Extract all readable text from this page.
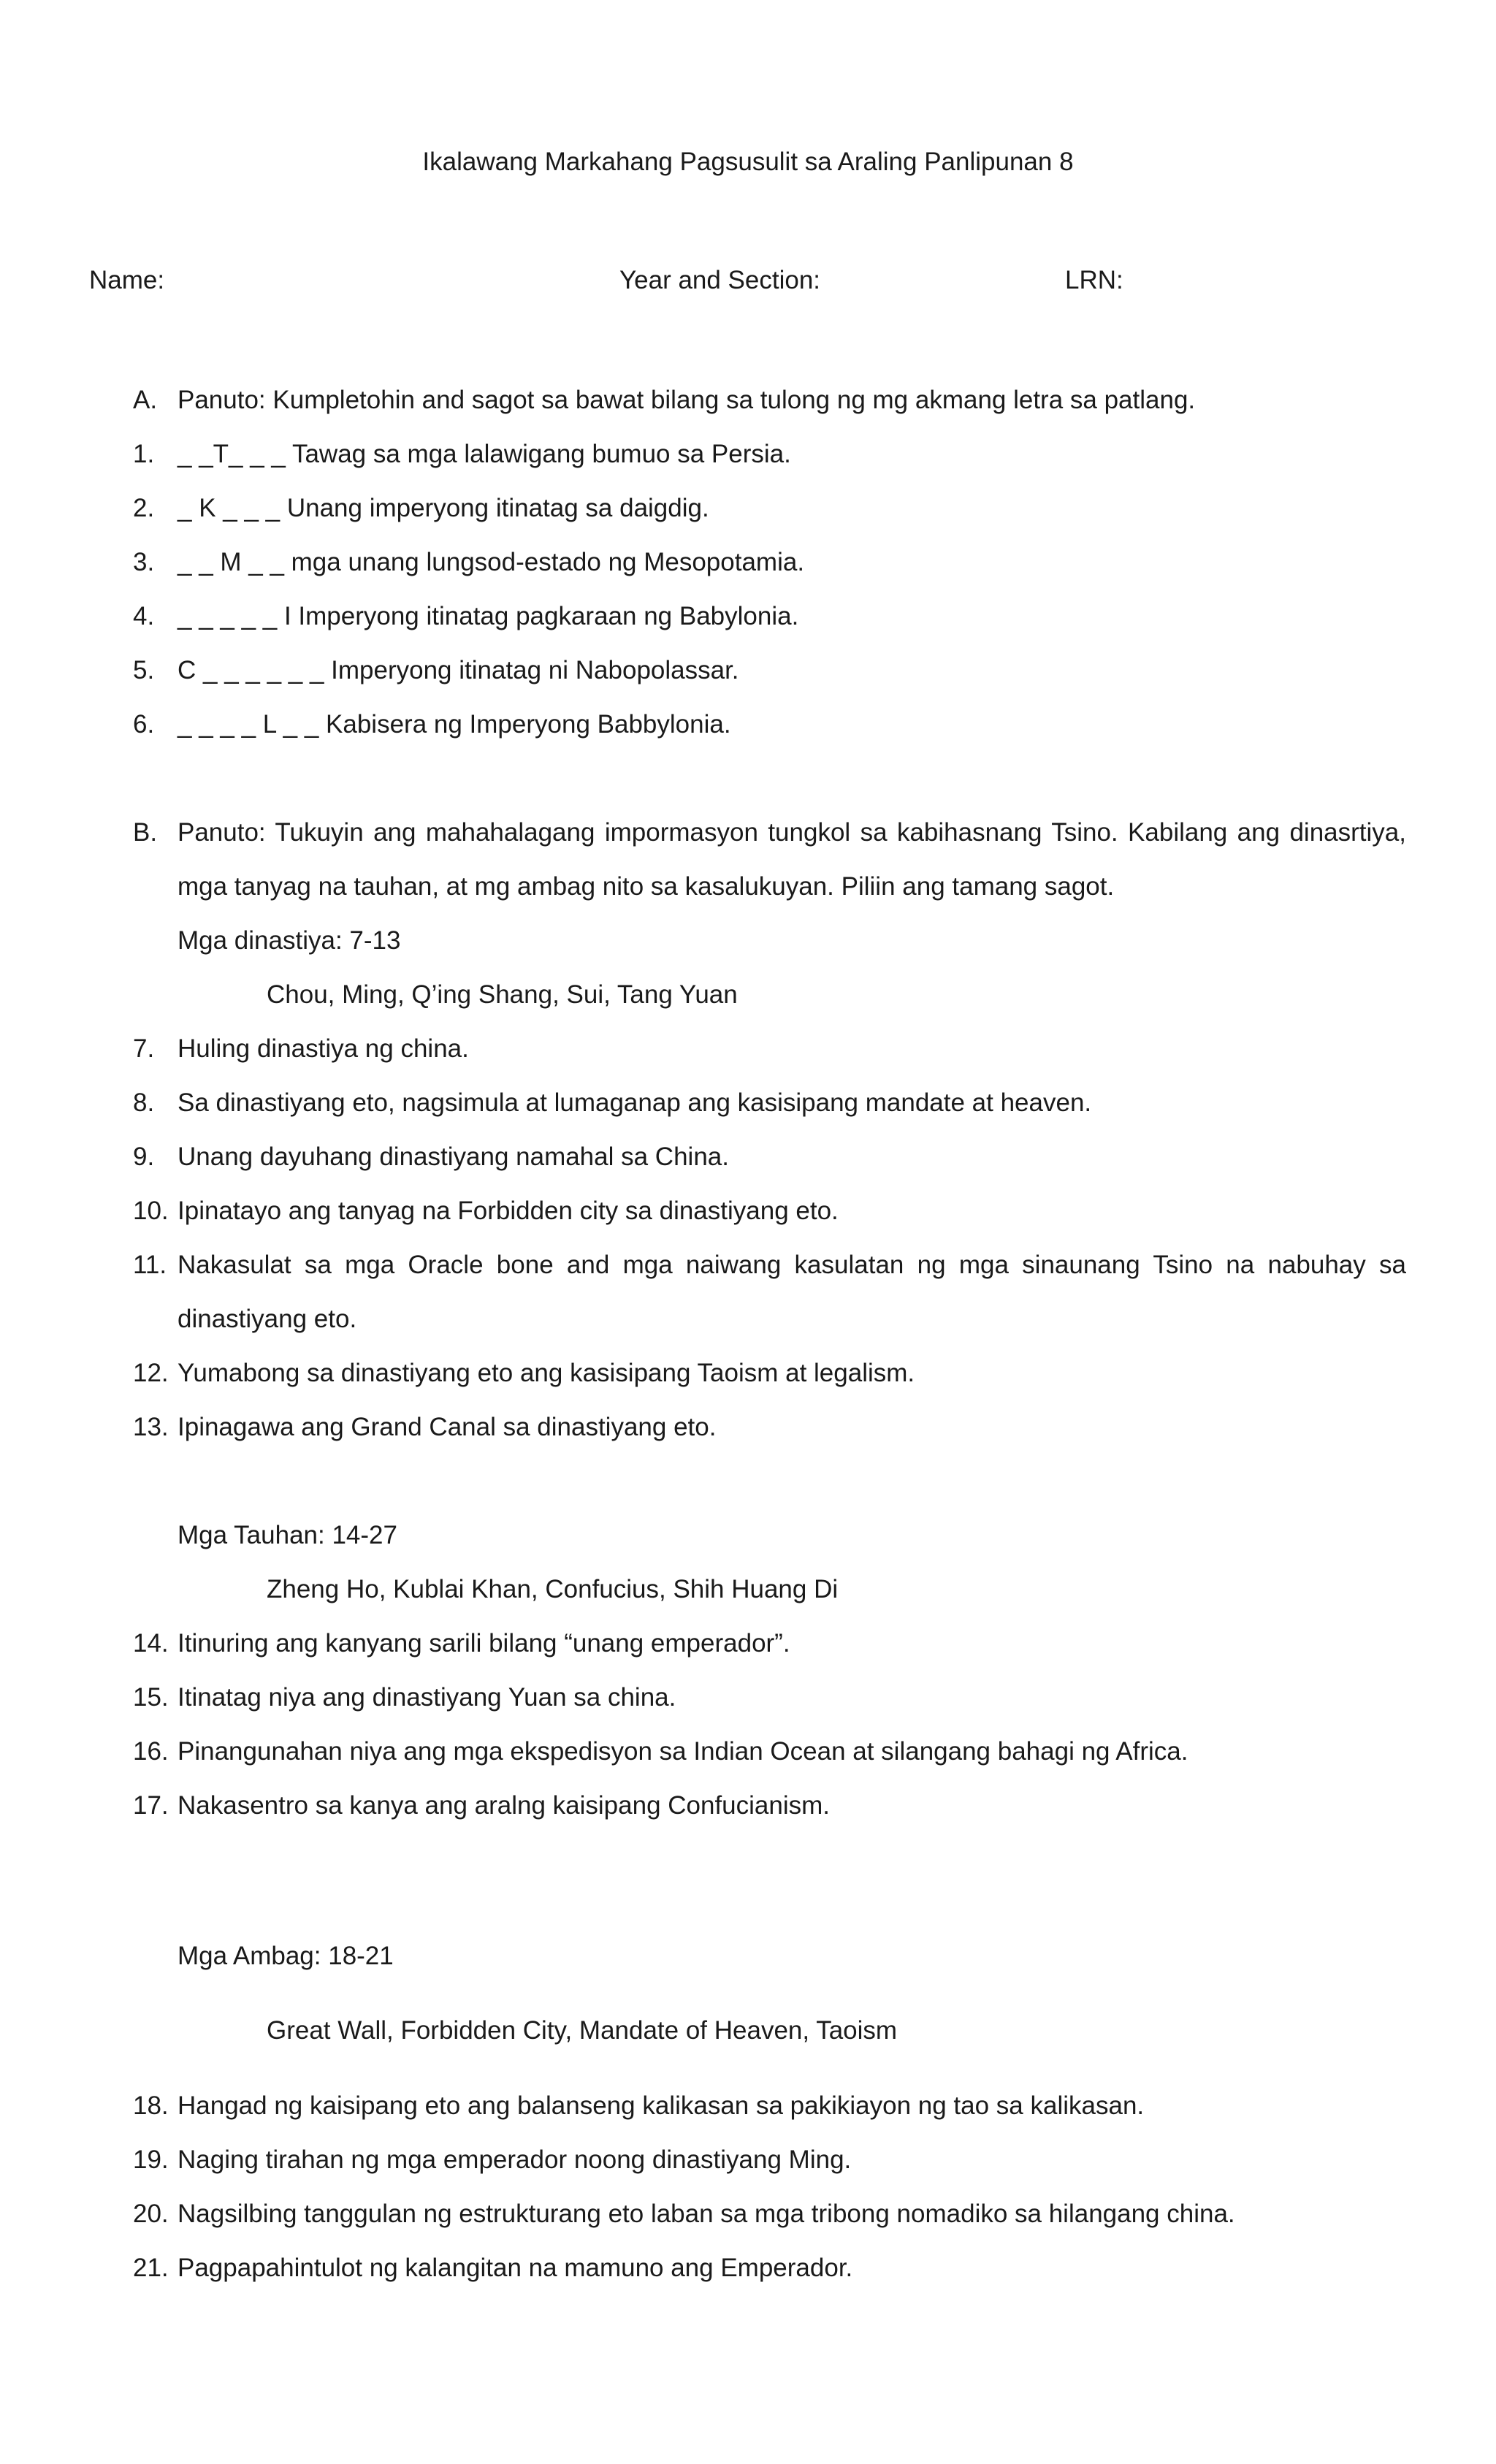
Ikalawang Markahang Pagsusulit sa Araling Panlipunan 8
Name:	Year and Section:	LRN:
A. Panuto: Kumpletohin and sagot sa bawat bilang sa tulong ng mg akmang letra sa patlang.
1. _ _T_ _ _ Tawag sa mga lalawigang bumuo sa Persia.
2. _ K _ _ _ Unang imperyong itinatag sa daigdig.
3. _ _ M _ _ mga unang lungsod-estado ng Mesopotamia.
4. _ _ _ _ _ I Imperyong itinatag pagkaraan ng Babylonia.
5. C _ _ _ _ _ _ Imperyong itinatag ni Nabopolassar.
6. _ _ _ _ L _ _ Kabisera ng Imperyong Babbylonia.
B. Panuto: Tukuyin ang mahahalagang impormasyon tungkol sa kabihasnang Tsino. Kabilang ang dinasrtiya,
mga tanyag na tauhan, at mg ambag nito sa kasalukuyan. Piliin ang tamang sagot.
Mga dinastiya: 7-13
Chou, Ming, Q’ing Shang, Sui, Tang Yuan
7. Huling dinastiya ng china.
8. Sa dinastiyang eto, nagsimula at lumaganap ang kasisipang mandate at heaven.
9. Unang dayuhang dinastiyang namahal sa China.
10. Ipinatayo ang tanyag na Forbidden city sa dinastiyang eto.
11. Nakasulat sa mga Oracle bone and mga naiwang kasulatan ng mga sinaunang Tsino na nabuhay sa
dinastiyang eto.
12. Yumabong sa dinastiyang eto ang kasisipang Taoism at legalism.
13. Ipinagawa ang Grand Canal sa dinastiyang eto.
Mga Tauhan: 14-27
Zheng Ho, Kublai Khan, Confucius, Shih Huang Di
14. Itinuring ang kanyang sarili bilang “unang emperador”.
15. Itinatag niya ang dinastiyang Yuan sa china.
16. Pinangunahan niya ang mga ekspedisyon sa Indian Ocean at silangang bahagi ng Africa.
17. Nakasentro sa kanya ang aralng kaisipang Confucianism.
Mga Ambag: 18-21
Great Wall, Forbidden City, Mandate of Heaven, Taoism
18. Hangad ng kaisipang eto ang balanseng kalikasan sa pakikiayon ng tao sa kalikasan.
19. Naging tirahan ng mga emperador noong dinastiyang Ming.
20. Nagsilbing tanggulan ng estrukturang eto laban sa mga tribong nomadiko sa hilangang china.
21. Pagpapahintulot ng kalangitan na mamuno ang Emperador.
